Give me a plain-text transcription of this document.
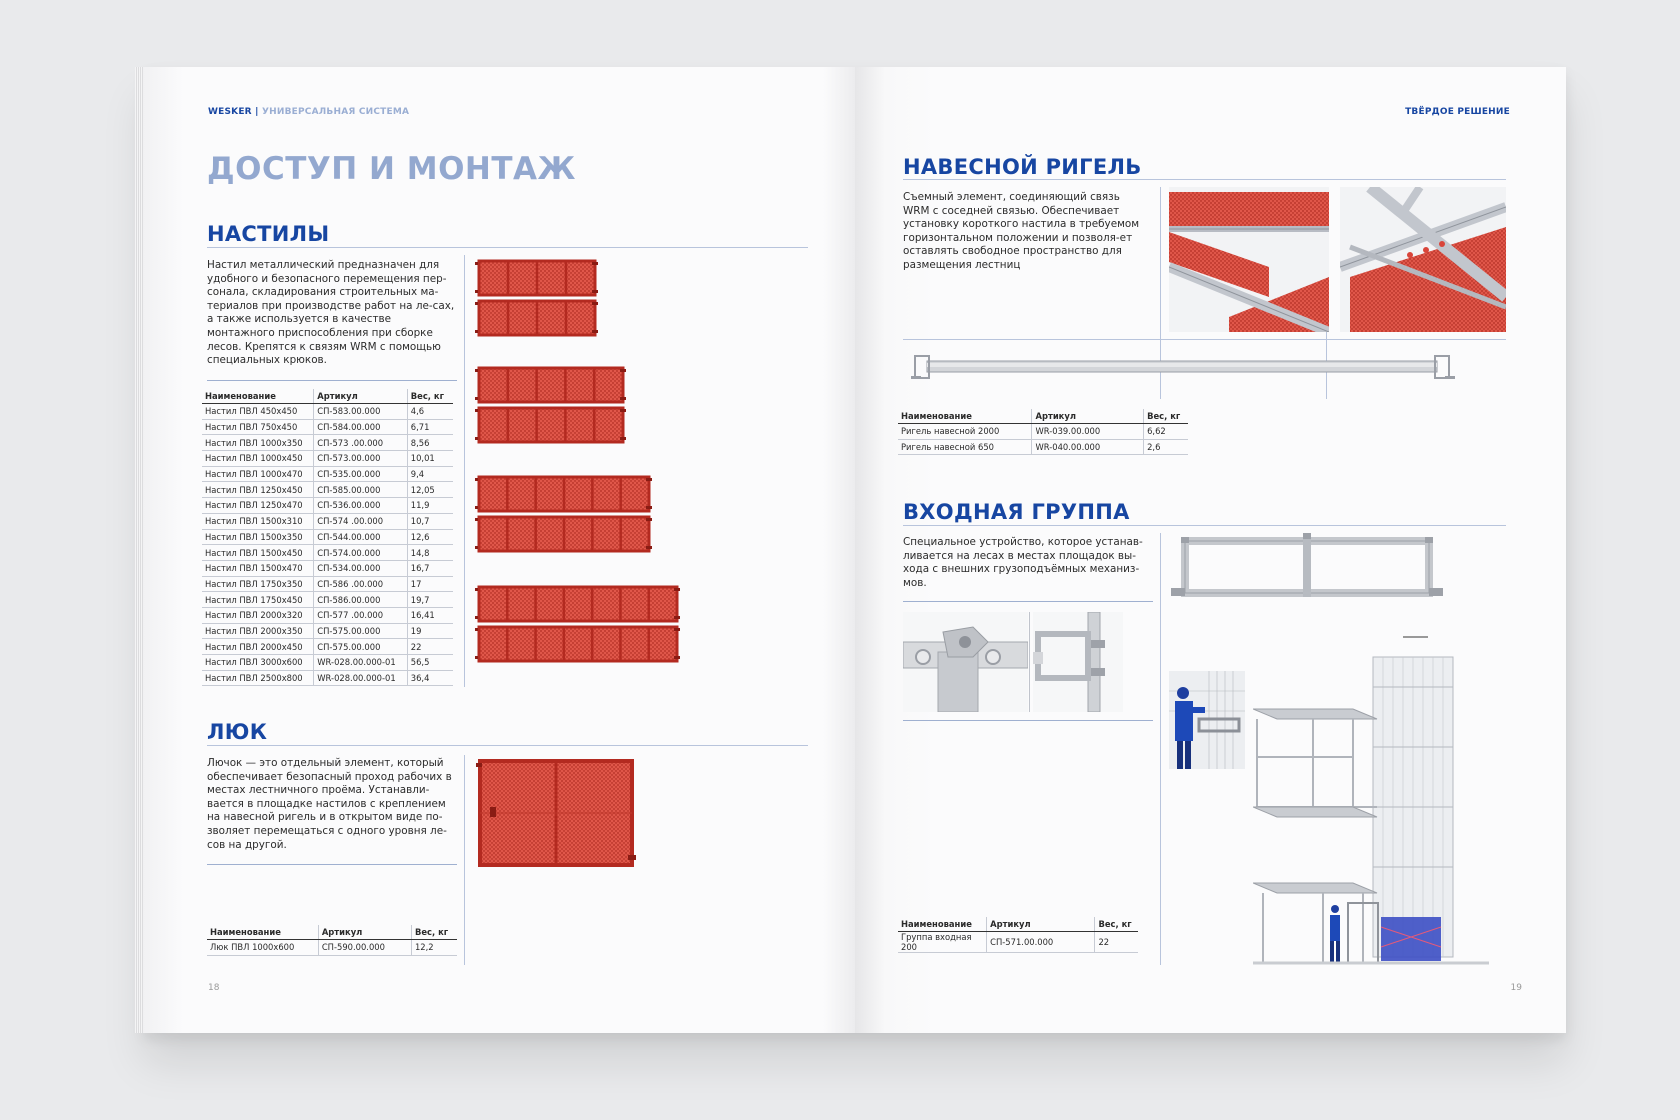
WESKER | УНИВЕРСАЛЬНАЯ СИСТЕМА
ДОСТУП И МОНТАЖ
НАСТИЛЫ
Настил металлический предназначен для удобного и безопасного перемещения пер-сонала, складирования строительных ма-териалов при производстве работ на ле-сах, а также используется в качестве монтажного приспособления при сборке лесов. Крепятся к связям WRM с помощью специальных крюков.
Наименование	Артикул	Вес, кг
Настил ПВЛ 450x450	СП-583.00.000	4,6
Настил ПВЛ 750x450	СП-584.00.000	6,71
Настил ПВЛ 1000x350	СП-573 .00.000	8,56
Настил ПВЛ 1000x450	СП-573.00.000	10,01
Настил ПВЛ 1000x470	СП-535.00.000	9,4
Настил ПВЛ 1250x450	СП-585.00.000	12,05
Настил ПВЛ 1250x470	СП-536.00.000	11,9
Настил ПВЛ 1500x310	СП-574 .00.000	10,7
Настил ПВЛ 1500x350	СП-544.00.000	12,6
Настил ПВЛ 1500x450	СП-574.00.000	14,8
Настил ПВЛ 1500x470	СП-534.00.000	16,7
Настил ПВЛ 1750x350	СП-586 .00.000	17
Настил ПВЛ 1750x450	СП-586.00.000	19,7
Настил ПВЛ 2000x320	СП-577 .00.000	16,41
Настил ПВЛ 2000x350	СП-575.00.000	19
Настил ПВЛ 2000x450	СП-575.00.000	22
Настил ПВЛ 3000x600	WR-028.00.000-01	56,5
Настил ПВЛ 2500x800	WR-028.00.000-01	36,4
ЛЮК
Лючок — это отдельный элемент, который обеспечивает безопасный проход рабочих в местах лестничного проёма. Устанавли-вается в площадке настилов с креплением на навесной ригель и в открытом виде по-зволяет перемещаться с одного уровня ле-сов на другой.
Наименование	Артикул	Вес, кг
Люк ПВЛ 1000x600	СП-590.00.000	12,2
18
ТВЁРДОЕ РЕШЕНИЕ
НАВЕСНОЙ РИГЕЛЬ
Съемный элемент, соединяющий связь WRM с соседней связью. Обеспечивает установку короткого настила в требуемом горизонтальном положении и позволя-ет оставлять свободное пространство для размещения лестниц
Наименование	Артикул	Вес, кг
Ригель навесной 2000	WR-039.00.000	6,62
Ригель навесной 650	WR-040.00.000	2,6
ВХОДНАЯ ГРУППА
Специальное устройство, которое устанав-ливается на лесах в местах площадок вы-хода с внешних грузоподъёмных механиз-мов.
Наименование	Артикул	Вес, кг
Группа входная 200	СП-571.00.000	22
19
